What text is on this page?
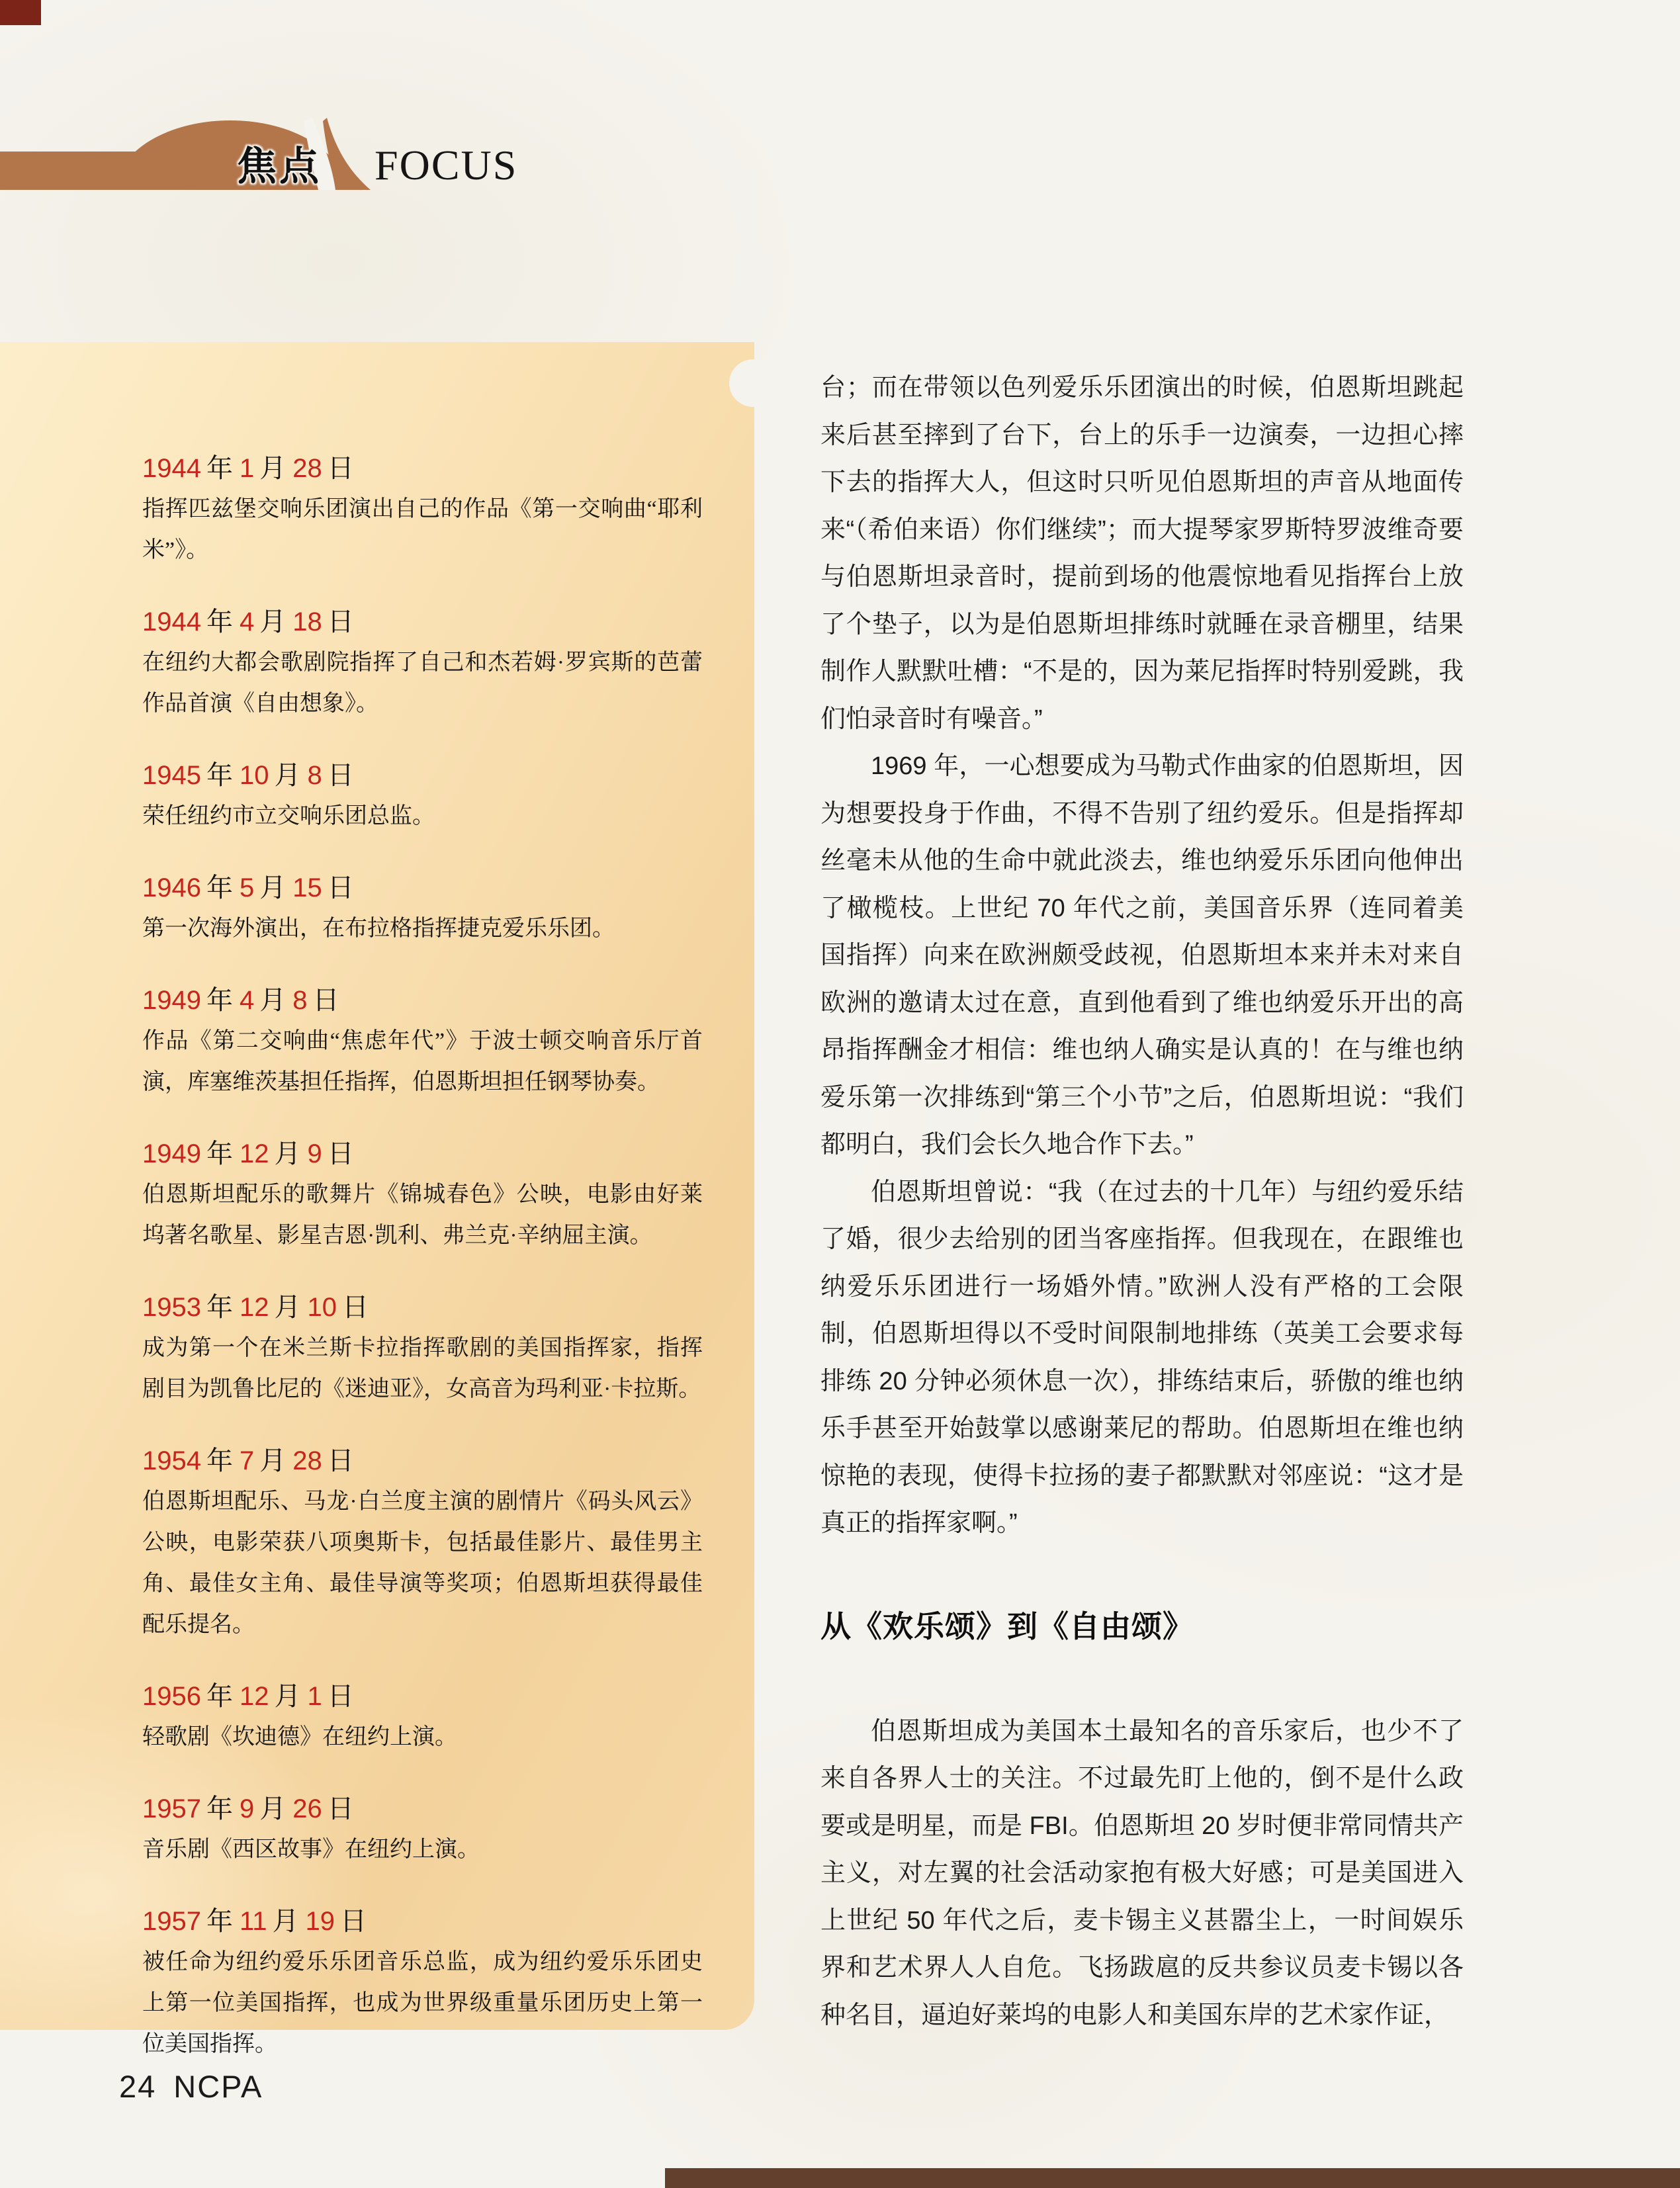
焦点 FOCUS
1944 年 1 月 28 日
指挥匹兹堡交响乐团演出自己的作品《第一交响曲“耶利米”》。
1944 年 4 月 18 日
在纽约大都会歌剧院指挥了自己和杰若姆·罗宾斯的芭蕾作品首演《自由想象》。
1945 年 10 月 8 日
荣任纽约市立交响乐团总监。
1946 年 5 月 15 日
第一次海外演出，在布拉格指挥捷克爱乐乐团。
1949 年 4 月 8 日
作品《第二交响曲“焦虑年代”》于波士顿交响音乐厅首演，库塞维茨基担任指挥，伯恩斯坦担任钢琴协奏。
1949 年 12 月 9 日
伯恩斯坦配乐的歌舞片《锦城春色》公映，电影由好莱坞著名歌星、影星吉恩·凯利、弗兰克·辛纳屈主演。
1953 年 12 月 10 日
成为第一个在米兰斯卡拉指挥歌剧的美国指挥家，指挥剧目为凯鲁比尼的《迷迪亚》，女高音为玛利亚·卡拉斯。
1954 年 7 月 28 日
伯恩斯坦配乐、马龙·白兰度主演的剧情片《码头风云》公映，电影荣获八项奥斯卡，包括最佳影片、最佳男主角、最佳女主角、最佳导演等奖项；伯恩斯坦获得最佳配乐提名。
1956 年 12 月 1 日
轻歌剧《坎迪德》在纽约上演。
1957 年 9 月 26 日
音乐剧《西区故事》在纽约上演。
1957 年 11 月 19 日
被任命为纽约爱乐乐团音乐总监，成为纽约爱乐乐团史上第一位美国指挥，也成为世界级重量乐团历史上第一位美国指挥。

台；而在带领以色列爱乐乐团演出的时候，伯恩斯坦跳起来后甚至摔到了台下，台上的乐手一边演奏，一边担心摔下去的指挥大人，但这时只听见伯恩斯坦的声音从地面传来“（希伯来语）你们继续”；而大提琴家罗斯特罗波维奇要与伯恩斯坦录音时，提前到场的他震惊地看见指挥台上放了个垫子，以为是伯恩斯坦排练时就睡在录音棚里，结果制作人默默吐槽：“不是的，因为莱尼指挥时特别爱跳，我们怕录音时有噪音。”

1969 年，一心想要成为马勒式作曲家的伯恩斯坦，因为想要投身于作曲，不得不告别了纽约爱乐。但是指挥却丝毫未从他的生命中就此淡去，维也纳爱乐乐团向他伸出了橄榄枝。上世纪 70 年代之前，美国音乐界（连同着美国指挥）向来在欧洲颇受歧视，伯恩斯坦本来并未对来自欧洲的邀请太过在意，直到他看到了维也纳爱乐开出的高昂指挥酬金才相信：维也纳人确实是认真的！在与维也纳爱乐第一次排练到“第三个小节”之后，伯恩斯坦说：“我们都明白，我们会长久地合作下去。”

伯恩斯坦曾说：“我（在过去的十几年）与纽约爱乐结了婚，很少去给别的团当客座指挥。但我现在，在跟维也纳爱乐乐团进行一场婚外情。”欧洲人没有严格的工会限制，伯恩斯坦得以不受时间限制地排练（英美工会要求每排练 20 分钟必须休息一次），排练结束后，骄傲的维也纳乐手甚至开始鼓掌以感谢莱尼的帮助。伯恩斯坦在维也纳惊艳的表现，使得卡拉扬的妻子都默默对邻座说：“这才是真正的指挥家啊。”

从《欢乐颂》到《自由颂》

伯恩斯坦成为美国本土最知名的音乐家后，也少不了来自各界人士的关注。不过最先盯上他的，倒不是什么政要或是明星，而是 FBI。伯恩斯坦 20 岁时便非常同情共产主义，对左翼的社会活动家抱有极大好感；可是美国进入上世纪 50 年代之后，麦卡锡主义甚嚣尘上，一时间娱乐界和艺术界人人自危。飞扬跋扈的反共参议员麦卡锡以各种名目，逼迫好莱坞的电影人和美国东岸的艺术家作证，

24 NCPA
